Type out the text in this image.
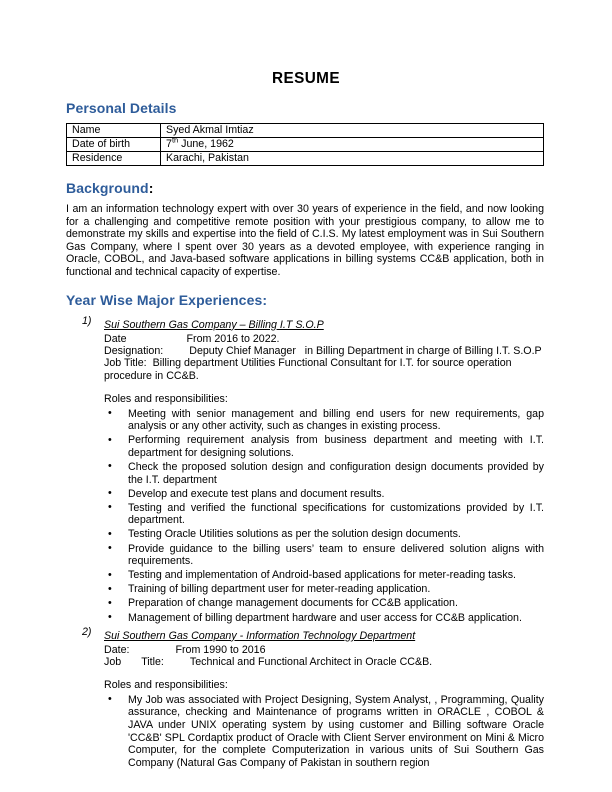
RESUME
Personal Details
Name	Syed Akmal Imtiaz
Date of birth	7th June, 1962
Residence	Karachi, Pakistan
Background:

I am an information technology expert with over 30 years of experience in the field, and now looking for a challenging and competitive remote position with your prestigious company, to allow me to demonstrate my skills and expertise into the field of C.I.S. My latest employment was in Sui Southern Gas Company, where I spent over 30 years as a devoted employee, with experience ranging in Oracle, COBOL, and Java-based software applications in billing systems CC&B application, both in functional and technical capacity of expertise.

Year Wise Major Experiences:
1) Sui Southern Gas Company – Billing I.T S.O.P
Date	From 2016 to 2022.
Designation: Deputy Chief Manager   in Billing Department in charge of Billing I.T. S.O.P
Job Title: Billing department Utilities Functional Consultant for I.T. for source operation procedure in CC&B.
Roles and responsibilities:
• Meeting with senior management and billing end users for new requirements, gap analysis or any other activity, such as changes in existing process.
• Performing requirement analysis from business department and meeting with I.T. department for designing solutions.
• Check the proposed solution design and configuration design documents provided by the I.T. department
• Develop and execute test plans and document results.
• Testing and verified the functional specifications for customizations provided by I.T. department.
• Testing Oracle Utilities solutions as per the solution design documents.
• Provide guidance to the billing users’ team to ensure delivered solution aligns with requirements.
• Testing and implementation of Android-based applications for meter-reading tasks.
• Training of billing department user for meter-reading application.
• Preparation of change management documents for CC&B application.
• Management of billing department hardware and user access for CC&B application.
2) Sui Southern Gas Company - Information Technology Department
Date:	From 1990 to 2016
Job Title: Technical and Functional Architect in Oracle CC&B.
Roles and responsibilities:
• My Job was associated with Project Designing, System Analyst, , Programming, Quality assurance, checking and Maintenance of programs written in ORACLE , COBOL & JAVA under UNIX operating system by using customer and Billing software Oracle 'CC&B' SPL Cordaptix product of Oracle with Client Server environment on Mini & Micro Computer, for the complete Computerization in various units of Sui Southern Gas Company (Natural Gas Company of Pakistan in southern region
